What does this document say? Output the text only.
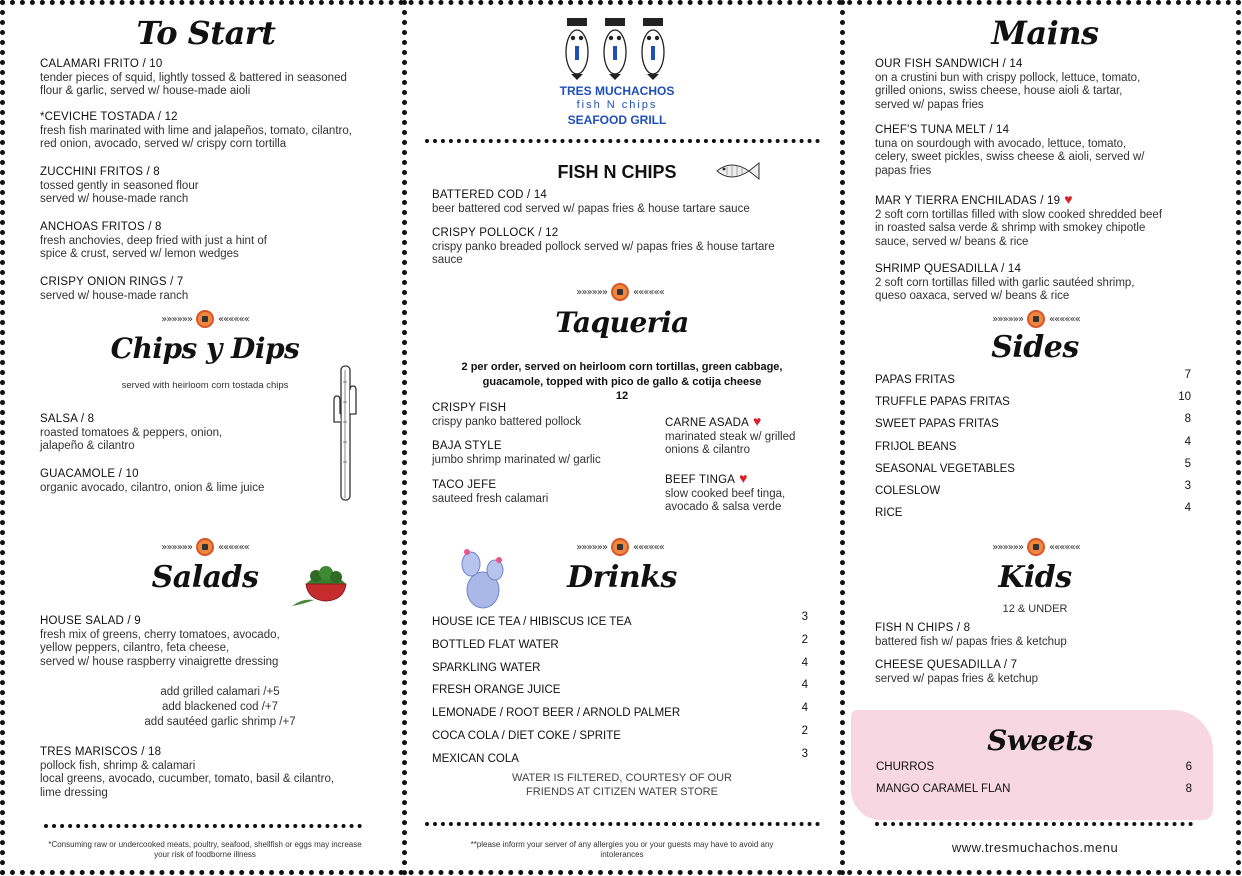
To Start
CALAMARI FRITO / 10
tender pieces of squid, lightly tossed & battered in seasoned
flour & garlic, served w/ house-made aioli
*CEVICHE TOSTADA / 12
fresh fish marinated with lime and jalapeños, tomato, cilantro,
red onion, avocado, served w/ crispy corn tortilla
ZUCCHINI FRITOS / 8
tossed gently in seasoned flour
served w/ house-made ranch
ANCHOAS FRITOS / 8
fresh anchovies, deep fried with just a hint of
spice & crust, served w/ lemon wedges
CRISPY ONION RINGS / 7
served w/ house-made ranch
»»»»»»	««««««
Chips y Dips
served with heirloom corn tostada chips
SALSA / 8
roasted tomatoes & peppers, onion,
jalapeño & cilantro
GUACAMOLE / 10
organic avocado, cilantro, onion & lime juice
»»»»»»	««««««
Salads
HOUSE SALAD / 9
fresh mix of greens, cherry tomatoes, avocado,
yellow peppers, cilantro, feta cheese,
served w/ house raspberry vinaigrette dressing
add grilled calamari /+5
add blackened cod /+7
add sautéed garlic shrimp /+7
TRES MARISCOS / 18
pollock fish, shrimp & calamari
local greens, avocado, cucumber, tomato, basil & cilantro,
lime dressing
*Consuming raw or undercooked meats, poultry, seafood, shellfish or eggs may increase
your risk of foodborne illness
TRES MUCHACHOS
fish N chips
SEAFOOD GRILL
FISH N CHIPS
BATTERED COD / 14
beer battered cod served w/ papas fries & house tartare sauce
CRISPY POLLOCK / 12
crispy panko breaded pollock served w/ papas fries & house tartare
sauce
»»»»»»	««««««
Taqueria
2 per order, served on heirloom corn tortillas, green cabbage,
guacamole, topped with pico de gallo & cotija cheese
12
CRISPY FISH
crispy panko battered pollock
BAJA STYLE
jumbo shrimp marinated w/ garlic
TACO JEFE
sauteed fresh calamari
CARNE ASADA ♥
marinated steak w/ grilled
onions & cilantro
BEEF TINGA ♥
slow cooked beef tinga,
avocado & salsa verde
»»»»»»	««««««
Drinks
HOUSE ICE TEA / HIBISCUS ICE TEA	3
BOTTLED FLAT WATER	2
SPARKLING WATER	4
FRESH ORANGE JUICE	4
LEMONADE / ROOT BEER / ARNOLD PALMER	4
COCA COLA / DIET COKE / SPRITE	2
MEXICAN COLA	3
WATER IS FILTERED, COURTESY OF OUR
FRIENDS AT CITIZEN WATER STORE
**please inform your server of any allergies you or your guests may have to avoid any
intolerances
Mains
OUR FISH SANDWICH / 14
on a crustini bun with crispy pollock, lettuce, tomato,
grilled onions, swiss cheese, house aioli & tartar,
served w/ papas fries
CHEF'S TUNA MELT / 14
tuna on sourdough with avocado, lettuce, tomato,
celery, sweet pickles, swiss cheese & aioli, served w/
papas fries
MAR Y TIERRA ENCHILADAS / 19 ♥
2 soft corn tortillas filled with slow cooked shredded beef
in roasted salsa verde & shrimp with smokey chipotle
sauce, served w/ beans & rice
SHRIMP QUESADILLA / 14
2 soft corn tortillas filled with garlic sautéed shrimp,
queso oaxaca, served w/ beans & rice
»»»»»»	««««««
Sides
PAPAS FRITAS	7
TRUFFLE PAPAS FRITAS	10
SWEET PAPAS FRITAS	8
FRIJOL BEANS	4
SEASONAL VEGETABLES	5
COLESLOW	3
RICE	4
»»»»»»	««««««
Kids
12 & UNDER
FISH N CHIPS / 8
battered fish w/ papas fries & ketchup
CHEESE QUESADILLA / 7
served w/ papas fries & ketchup
Sweets
CHURROS	6
MANGO CARAMEL FLAN	8
www.tresmuchachos.menu
